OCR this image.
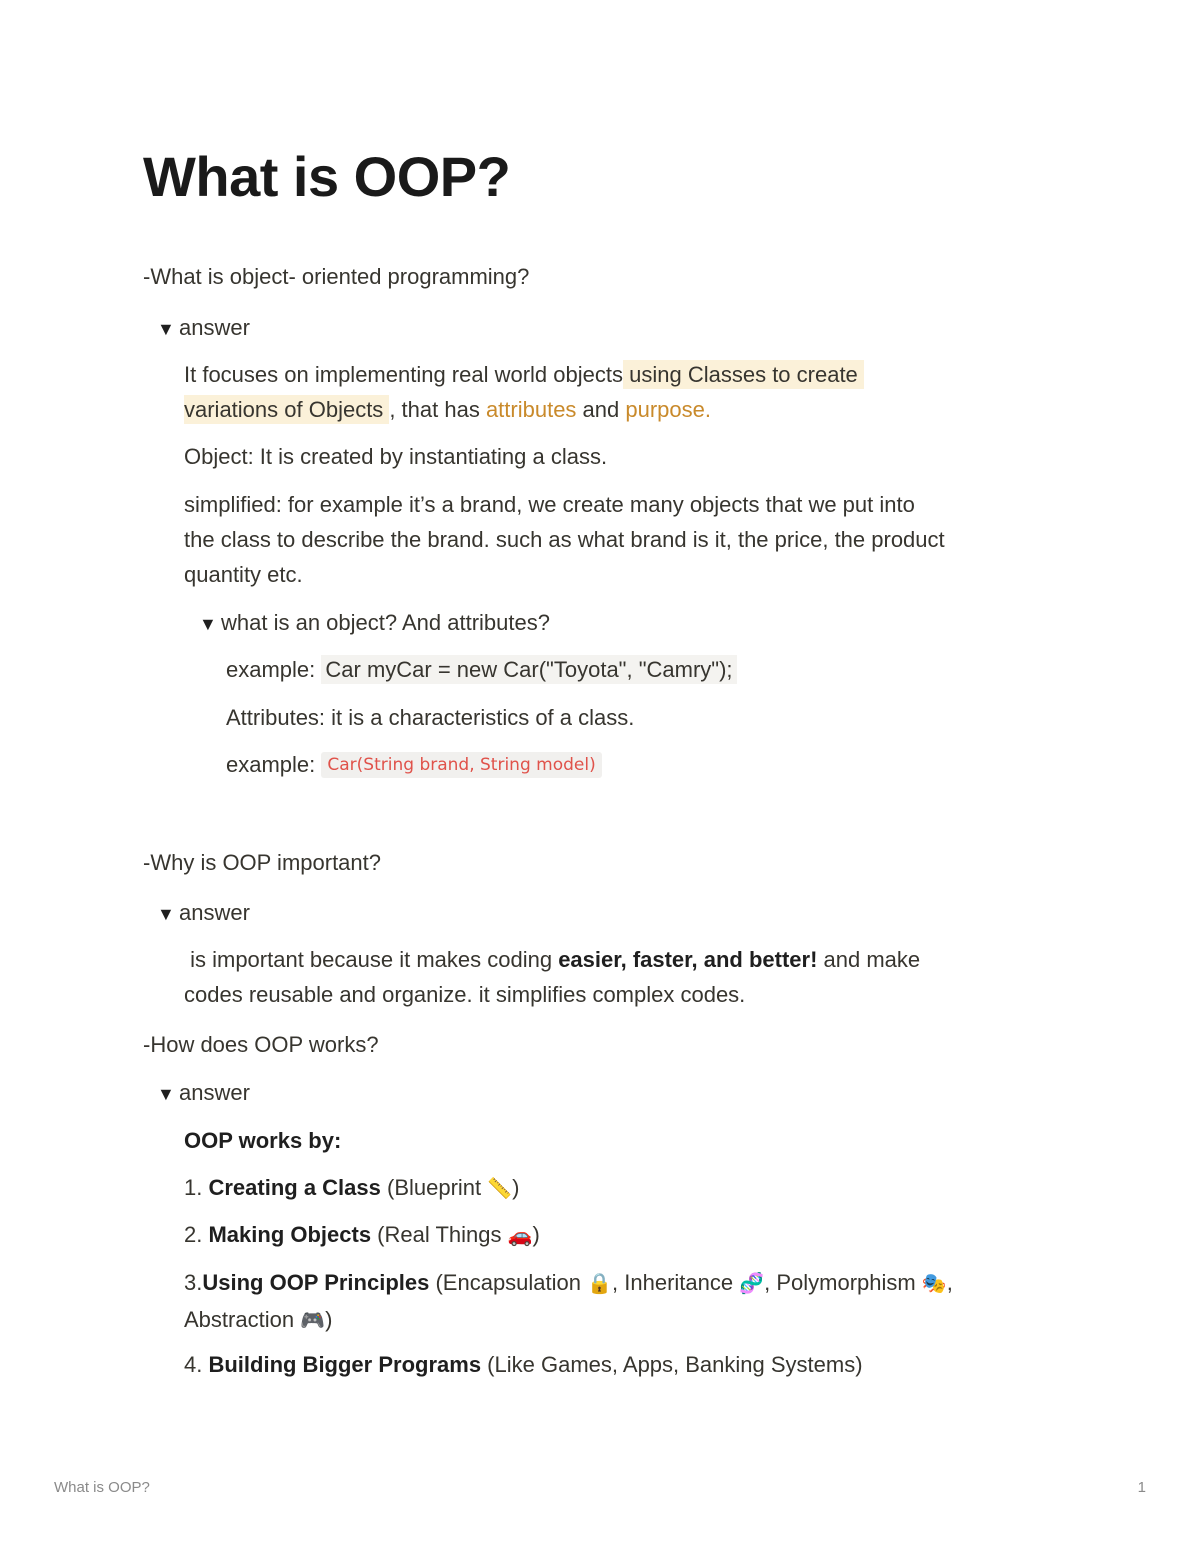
What is OOP?
-What is object- oriented programming?
▼ answer
It focuses on implementing real world objects using Classes to create
variations of Objects , that has attributes and purpose.
Object: It is created by instantiating a class.
simplified: for example it’s a brand, we create many objects that we put into
the class to describe the brand. such as what brand is it, the price, the product
quantity etc.
▼ what is an object? And attributes?
example: Car myCar = new Car("Toyota", "Camry");
Attributes: it is a characteristics of a class.
example: Car(String brand, String model)
-Why is OOP important?
▼ answer
is important because it makes coding easier, faster, and better! and make
codes reusable and organize. it simplifies complex codes.
-How does OOP works?
▼ answer
OOP works by:
1. Creating a Class (Blueprint 📏)
2. Making Objects (Real Things 🚗)
3.Using OOP Principles (Encapsulation 🔒, Inheritance 🧬, Polymorphism 🎭,
Abstraction 🎮)
4. Building Bigger Programs (Like Games, Apps, Banking Systems)
What is OOP?	1
